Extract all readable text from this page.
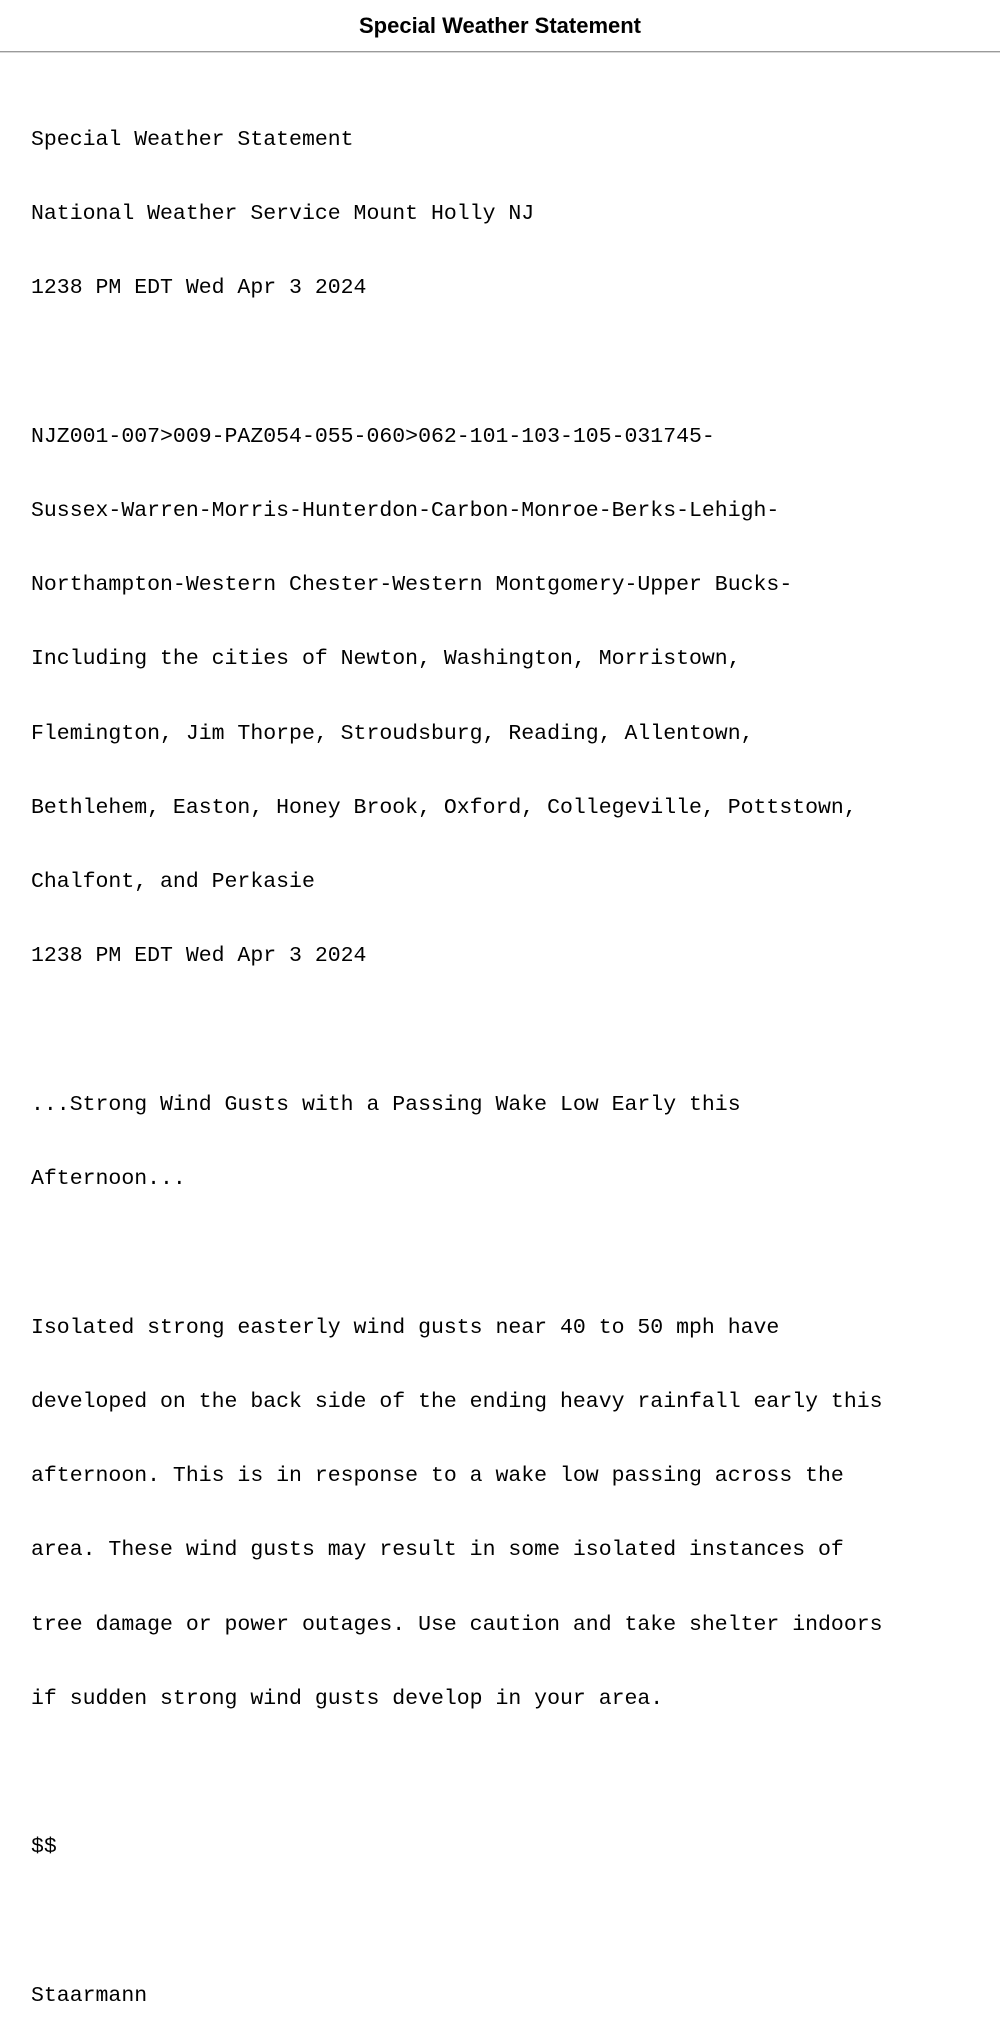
Special Weather Statement

Special Weather Statement

National Weather Service Mount Holly NJ

1238 PM EDT Wed Apr 3 2024

NJZ001-007>009-PAZ054-055-060>062-101-103-105-031745-

Sussex-Warren-Morris-Hunterdon-Carbon-Monroe-Berks-Lehigh-

Northampton-Western Chester-Western Montgomery-Upper Bucks-

Including the cities of Newton, Washington, Morristown,

Flemington, Jim Thorpe, Stroudsburg, Reading, Allentown,

Bethlehem, Easton, Honey Brook, Oxford, Collegeville, Pottstown,

Chalfont, and Perkasie

1238 PM EDT Wed Apr 3 2024

...Strong Wind Gusts with a Passing Wake Low Early this

Afternoon...

Isolated strong easterly wind gusts near 40 to 50 mph have

developed on the back side of the ending heavy rainfall early this

afternoon. This is in response to a wake low passing across the

area. These wind gusts may result in some isolated instances of

tree damage or power outages. Use caution and take shelter indoors

if sudden strong wind gusts develop in your area.

$$

Staarmann
